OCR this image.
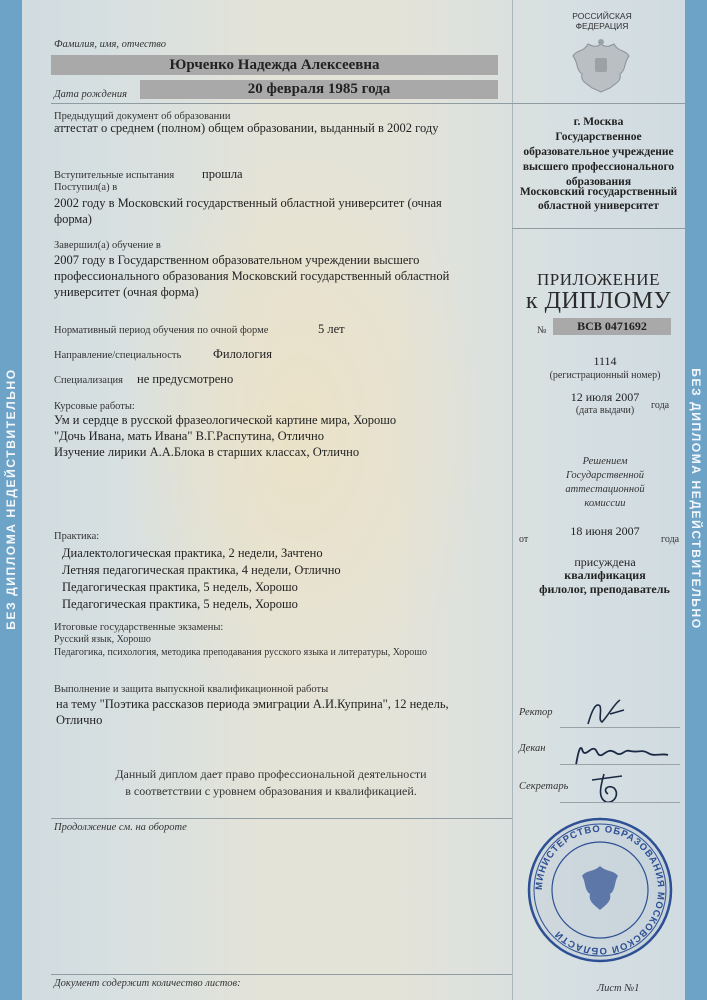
БЕЗ ДИПЛОМА НЕДЕЙСТВИТЕЛЬНО	БЕЗ ДИПЛОМА НЕДЕЙСТВИТЕЛЬНО
Фамилия, имя, отчество
Юрченко Надежда Алексеевна
Дата рождения	20 февраля 1985 года
Предыдущий документ об образовании
аттестат о среднем (полном) общем образовании, выданный в 2002 году
Вступительные испытания прошла
Поступил(а) в
2002 году в Московский государственный областной университет (очная
форма)
Завершил(а) обучение в
2007 году в Государственном образовательном учреждении высшего
профессионального образования Московский государственный областной
университет (очная форма)
Нормативный период обучения по очной форме	5 лет
Направление/специальность	Филология
Специализация не предусмотрено
Курсовые работы:
Ум и сердце в русской фразеологической картине мира, Хорошо
"Дочь Ивана, мать Ивана" В.Г.Распутина, Отлично
Изучение лирики А.А.Блока в старших классах, Отлично
Практика:
Диалектологическая практика, 2 недели, Зачтено
Летняя педагогическая практика, 4 недели, Отлично
Педагогическая практика, 5 недель, Хорошо
Педагогическая практика, 5 недель, Хорошо
Итоговые государственные экзамены:
Русский язык, Хорошо
Педагогика, психология, методика преподавания русского языка и литературы, Хорошо
Выполнение и защита выпускной квалификационной работы
на тему "Поэтика рассказов периода эмиграции А.И.Куприна", 12 недель,
Отлично
Данный диплом дает право профессиональной деятельности
в соответствии с уровнем образования и квалификацией.
Продолжение см. на обороте
Документ содержит количество листов:
РОССИЙСКАЯ
ФЕДЕРАЦИЯ
г. Москва
Государственное
образовательное учреждение
высшего профессионального
образования
Московский государственный
областной университет
ПРИЛОЖЕНИЕ
к ДИПЛОМУ
№	ВСВ 0471692
1114
(регистрационный номер)
12 июля 2007
года
(дата выдачи)
Решением
Государственной
аттестационной
комиссии
от
18 июня 2007
года
присуждена
квалификация
филолог, преподаватель
Ректор
Декан
Секретарь
МИНИСТЕРСТВО ОБРАЗОВАНИЯ МОСКОВСКОЙ ОБЛАСТИ
Лист №1
